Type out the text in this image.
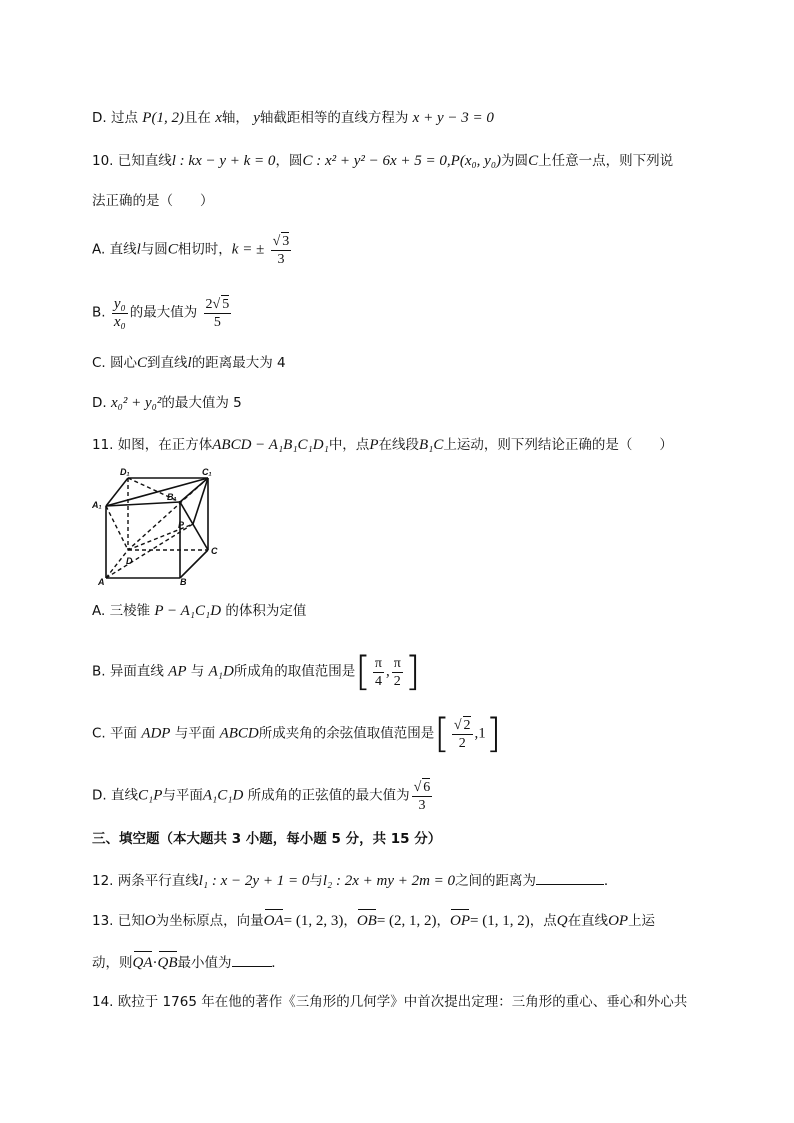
D. 过点 P(1, 2)且在 x轴， y轴截距相等的直线方程为 x + y − 3 = 0
10. 已知直线l : kx − y + k = 0，圆C : x² + y² − 6x + 5 = 0,P(x₀, y₀)为圆C上任意一点，则下列说
法正确的是（　　）
A. 直线l与圆C相切时，k = ± $\frac{√ 3}{3}$
B. $\frac{\text{y₀}}{\text{x₀}}$ 的最大值为 $\frac{2√ 5}{5}$
C. 圆心C到直线l的距离最大为 4
D. x₀² + y₀²的最大值为 5
11. 如图，在正方体ABCD − A₁B₁C₁D₁中，点P在线段B₁C上运动，则下列结论正确的是（　　）
D₁	C₁
A₁
B₁
P
C
D
A	B
A. 三棱锥 P − A₁C₁D 的体积为定值
B. 异面直线 AP 与 A₁D所成角的取值范围是[ $\frac{\pi}{4}$ , $\frac{\pi}{2}$ ]
C. 平面 ADP 与平面 ABCD所成夹角的余弦值取值范围是[ $\frac{√ 2}{2} ,1$]
D. 直线C₁P与平面A₁C₁D 所成角的正弦值的最大值为 $\frac{√ 6}{3}$
三、填空题（本大题共 3 小题，每小题 5 分，共 15 分）
12. 两条平行直线l₁ : x − 2y + 1 = 0与l₂ : 2x + my + 2m = 0之间的距离为	.
13. 已知O为坐标原点，向量OA= (1, 2, 3)，OB= (2, 1, 2)，OP= (1, 1, 2)，点Q在直线OP上运
动，则QA·QB最小值为	.
14. 欧拉于 1765 年在他的著作《三角形的几何学》中首次提出定理：三角形的重心、垂心和外心共
